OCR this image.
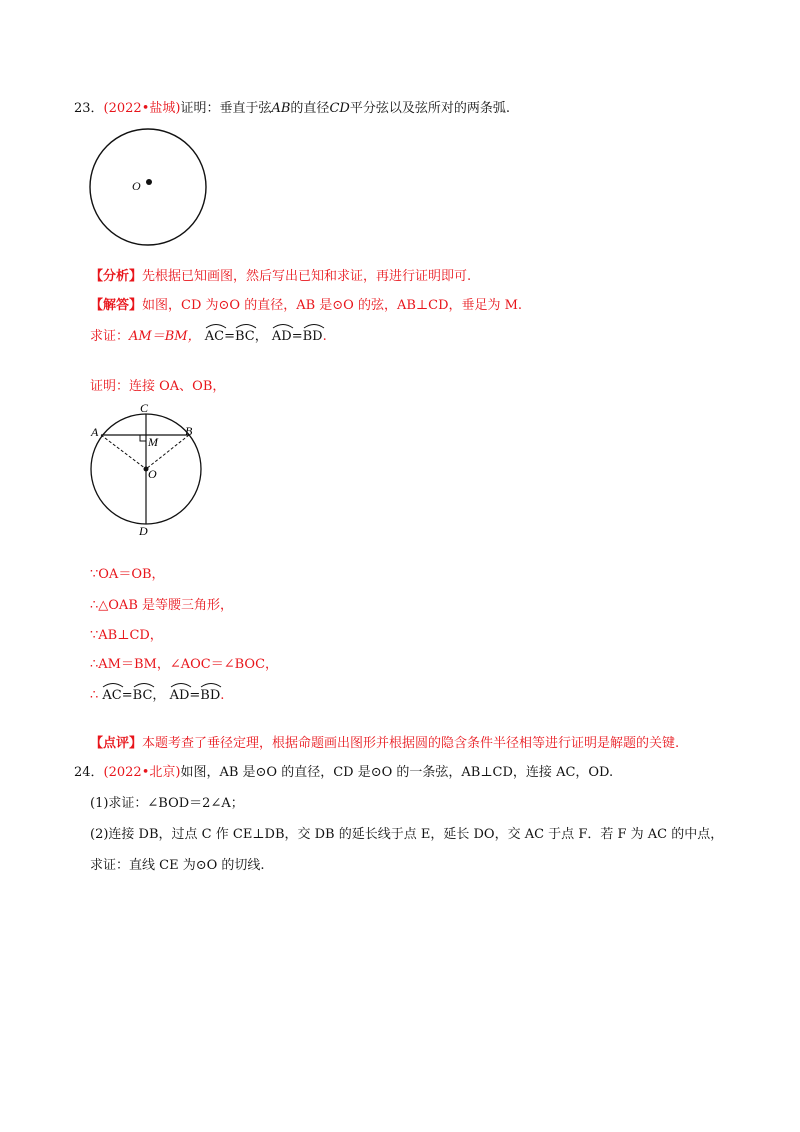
23．(2022•盐城)证明：垂直于弦AB的直径CD平分弦以及弦所对的两条弧.
O
【分析】先根据已知画图，然后写出已知和求证，再进行证明即可.
【解答】如图，CD 为⊙O 的直径，AB 是⊙O 的弦，AB⊥CD，垂足为 M.
求证：AM＝BM， AC=
BC， AD=
BD.
证明：连接 OA、OB，
A	B
C
D
M
O
∵OA＝OB，
∴△OAB 是等腰三角形，
∵AB⊥CD，
∴AM＝BM，∠AOC＝∠BOC，
∴ AC=
BC， AD=
BD.
【点评】本题考查了垂径定理，根据命题画出图形并根据圆的隐含条件半径相等进行证明是解题的关键.
24．(2022•北京)如图，AB 是⊙O 的直径，CD 是⊙O 的一条弦，AB⊥CD，连接 AC，OD.
(1)求证：∠BOD＝2∠A；
(2)连接 DB，过点 C 作 CE⊥DB，交 DB 的延长线于点 E，延长 DO，交 AC 于点 F．若 F 为 AC 的中点，
求证：直线 CE 为⊙O 的切线.
